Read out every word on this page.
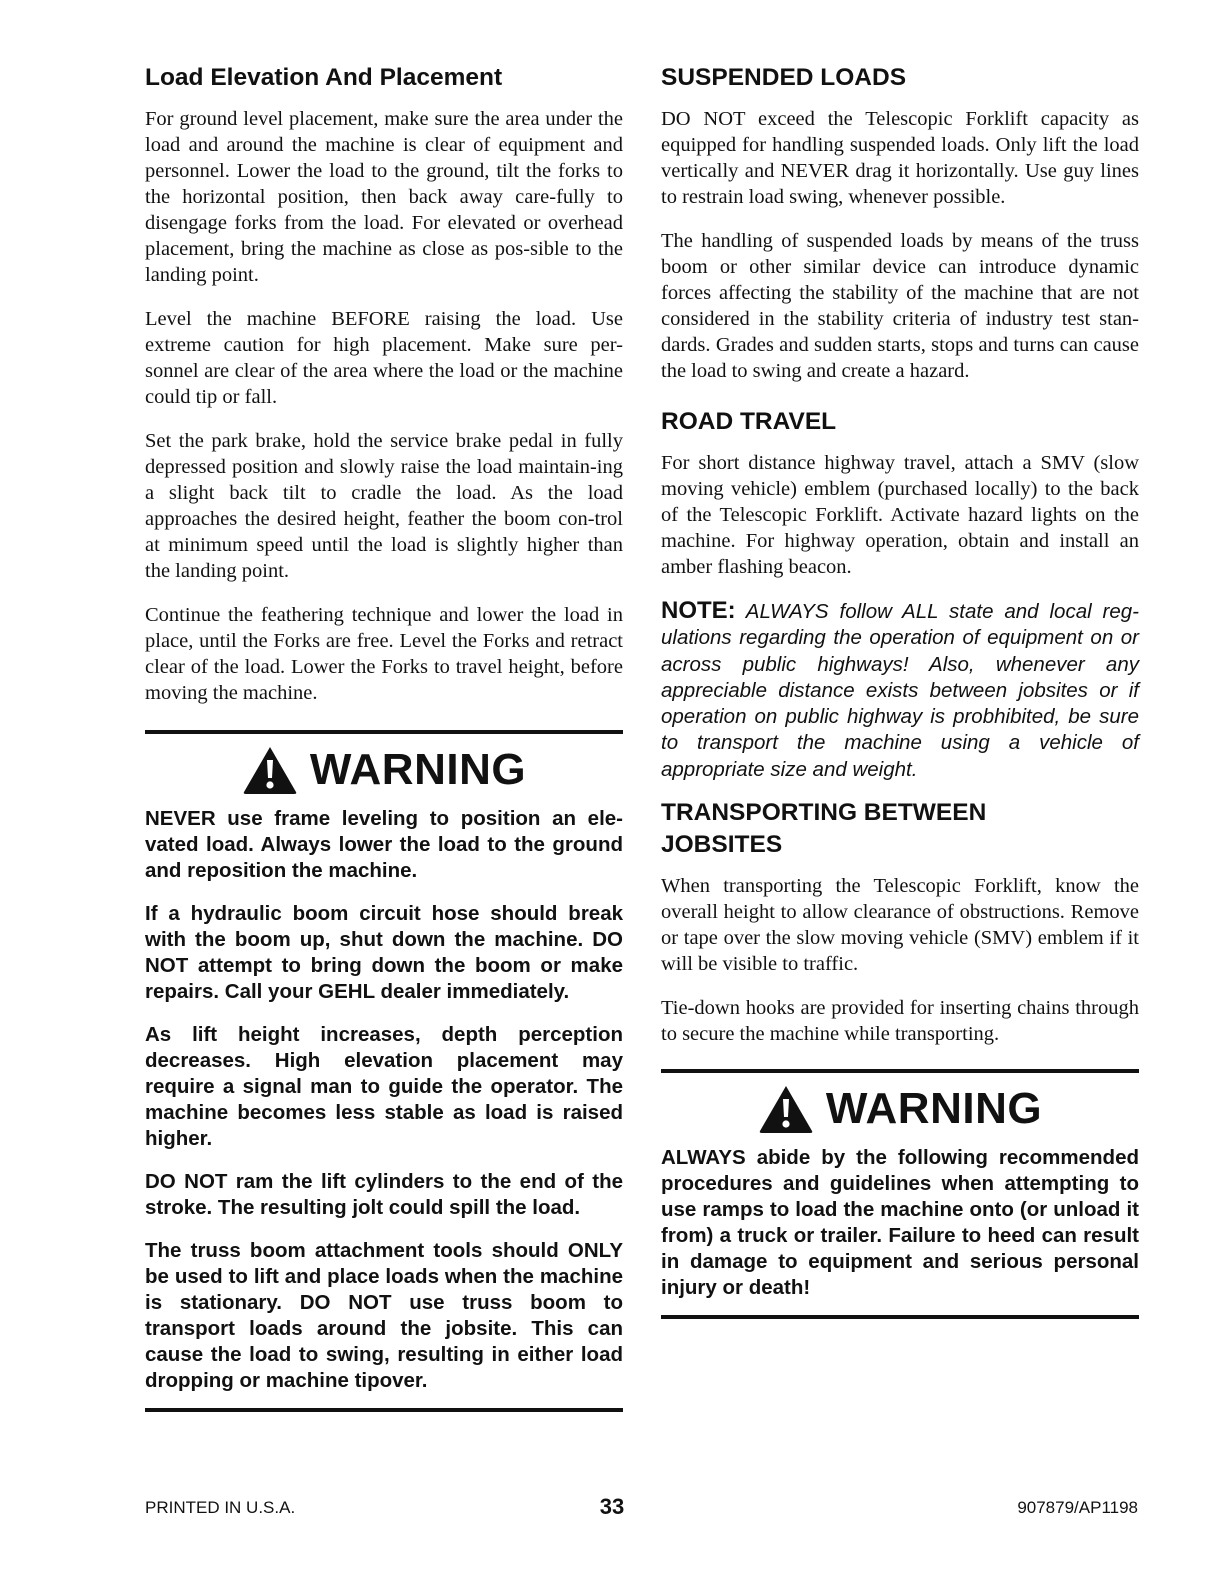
Load Elevation And Placement

For ground level placement, make sure the area under the load and around the machine is clear of equipment and personnel. Lower the load to the ground, tilt the forks to the horizontal position, then back away care-fully to disengage forks from the load. For elevated or overhead placement, bring the machine as close as pos-sible to the landing point.

Level the machine BEFORE raising the load. Use extreme caution for high placement. Make sure per-sonnel are clear of the area where the load or the machine could tip or fall.

Set the park brake, hold the service brake pedal in fully depressed position and slowly raise the load maintain-ing a slight back tilt to cradle the load. As the load approaches the desired height, feather the boom con-trol at minimum speed until the load is slightly higher than the landing point.

Continue the feathering technique and lower the load in place, until the Forks are free. Level the Forks and retract clear of the load. Lower the Forks to travel height, before moving the machine.

WARNING

NEVER use frame leveling to position an ele-vated load. Always lower the load to the ground and reposition the machine.

If a hydraulic boom circuit hose should break with the boom up, shut down the machine. DO NOT attempt to bring down the boom or make repairs. Call your GEHL dealer immediately.

As lift height increases, depth perception decreases. High elevation placement may require a signal man to guide the operator. The machine becomes less stable as load is raised higher.

DO NOT ram the lift cylinders to the end of the stroke. The resulting jolt could spill the load.

The truss boom attachment tools should ONLY be used to lift and place loads when the machine is stationary. DO NOT use truss boom to transport loads around the jobsite. This can cause the load to swing, resulting in either load dropping or machine tipover.

SUSPENDED LOADS

DO NOT exceed the Telescopic Forklift capacity as equipped for handling suspended loads. Only lift the load vertically and NEVER drag it horizontally. Use guy lines to restrain load swing, whenever possible.

The handling of suspended loads by means of the truss boom or other similar device can introduce dynamic forces affecting the stability of the machine that are not considered in the stability criteria of industry test stan-dards. Grades and sudden starts, stops and turns can cause the load to swing and create a hazard.

ROAD TRAVEL

For short distance highway travel, attach a SMV (slow moving vehicle) emblem (purchased locally) to the back of the Telescopic Forklift. Activate hazard lights on the machine. For highway operation, obtain and install an amber flashing beacon.

NOTE: ALWAYS follow ALL state and local reg-ulations regarding the operation of equipment on or across public highways! Also, whenever any appreciable distance exists between jobsites or if operation on public highway is probhibited, be sure to transport the machine using a vehicle of appropriate size and weight.

TRANSPORTING BETWEEN
JOBSITES

When transporting the Telescopic Forklift, know the overall height to allow clearance of obstructions. Remove or tape over the slow moving vehicle (SMV) emblem if it will be visible to traffic.

Tie-down hooks are provided for inserting chains through to secure the machine while transporting.

WARNING

ALWAYS abide by the following recommended procedures and guidelines when attempting to use ramps to load the machine onto (or unload it from) a truck or trailer. Failure to heed can result in damage to equipment and serious personal injury or death!

PRINTED IN U.S.A.	33	907879/AP1198
